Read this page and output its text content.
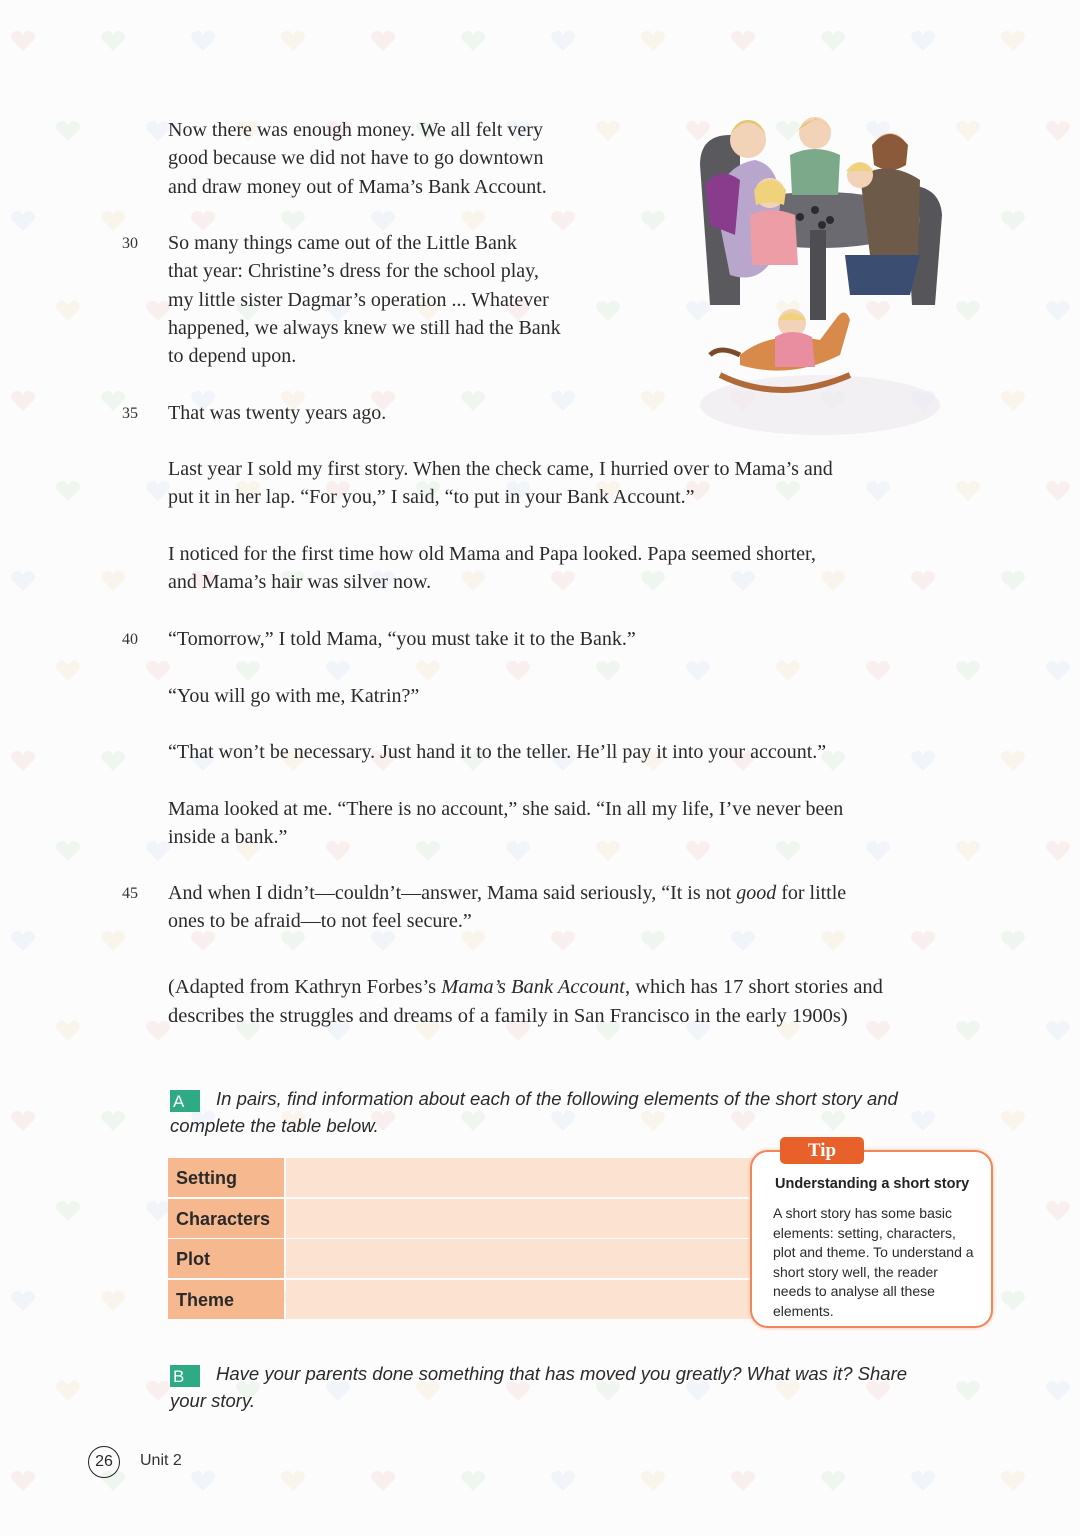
Now there was enough money. We all felt very
good because we did not have to go downtown
and draw money out of Mama’s Bank Account.
30 So many things came out of the Little Bank
that year: Christine’s dress for the school play,
my little sister Dagmar’s operation ... Whatever
happened, we always knew we still had the Bank
to depend upon.
35 That was twenty years ago.
Last year I sold my first story. When the check came, I hurried over to Mama’s and
put it in her lap. “For you,” I said, “to put in your Bank Account.”
I noticed for the first time how old Mama and Papa looked. Papa seemed shorter,
and Mama’s hair was silver now.
40 “Tomorrow,” I told Mama, “you must take it to the Bank.”
“You will go with me, Katrin?”
“That won’t be necessary. Just hand it to the teller. He’ll pay it into your account.”
Mama looked at me. “There is no account,” she said. “In all my life, I’ve never been
inside a bank.”
45 And when I didn’t—couldn’t—answer, Mama said seriously, “It is not good for little
ones to be afraid—to not feel secure.”
(Adapted from Kathryn Forbes’s Mama’s Bank Account, which has 17 short stories and
describes the struggles and dreams of a family in San Francisco in the early 1900s)
A In pairs, find information about each of the following elements of the short story and
complete the table below.
Setting
Characters
Plot
Theme
Understanding a short story
A short story has some basic elements: setting, characters, plot and theme. To understand a short story well, the reader needs to analyse all these elements.
Tip
B Have your parents done something that has moved you greatly? What was it? Share
your story.
26	Unit 2
